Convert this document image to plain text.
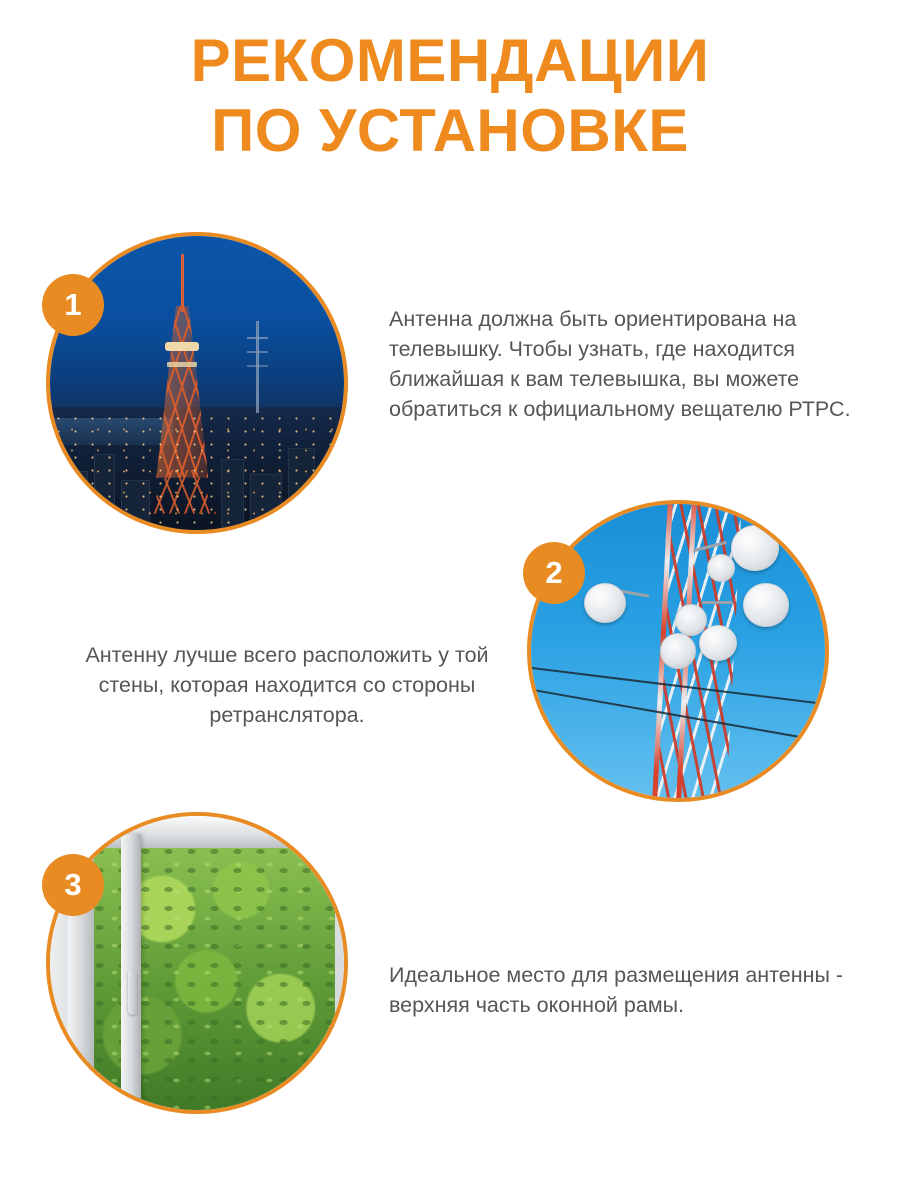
РЕКОМЕНДАЦИИ
ПО УСТАНОВКЕ
1	Антенна должна быть ориентирована на телевышку. Чтобы узнать, где находится ближайшая к вам телевышка, вы можете обратиться к официальному вещателю РТРС.
2
Антенну лучше всего расположить у той стены, которая находится со стороны ретранслятора.
3
Идеальное место для размещения антенны - верхняя часть оконной рамы.
